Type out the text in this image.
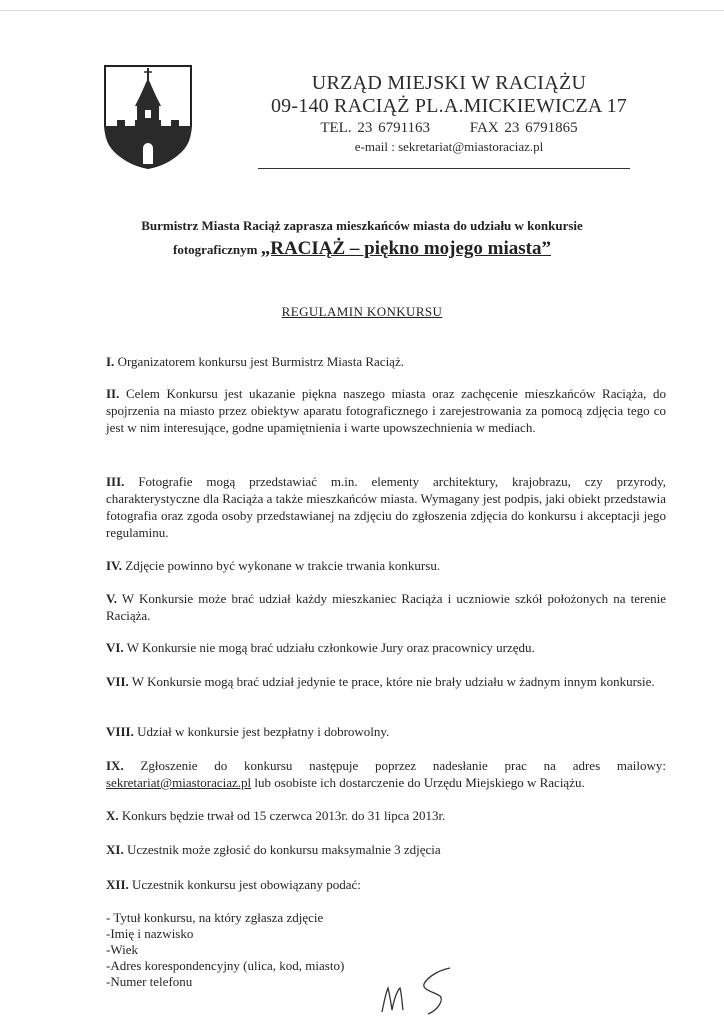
URZĄD MIEJSKI W RACIĄŻU
09-140 RACIĄŻ PL.A.MICKIEWICZA 17
TEL. 23 6791163	FAX 23 6791865
e-mail : sekretariat@miastoraciaz.pl
Burmistrz Miasta Raciąż zaprasza mieszkańców miasta do udziału w konkursie
fotograficznym „RACIĄŻ – piękno mojego miasta”
REGULAMIN KONKURSU
I. Organizatorem konkursu jest Burmistrz Miasta Raciąż.
II. Celem Konkursu jest ukazanie piękna naszego miasta oraz zachęcenie mieszkańców Raciąża, do spojrzenia na miasto przez obiektyw aparatu fotograficznego i zarejestrowania za pomocą zdjęcia tego co jest w nim interesujące, godne upamiętnienia i warte upowszechnienia w mediach.
III. Fotografie mogą przedstawiać m.in. elementy architektury, krajobrazu, czy przyrody, charakterystyczne dla Raciąża a także mieszkańców miasta. Wymagany jest podpis, jaki obiekt przedstawia fotografia oraz zgoda osoby przedstawianej na zdjęciu do zgłoszenia zdjęcia do konkursu i akceptacji jego regulaminu.
IV. Zdjęcie powinno być wykonane w trakcie trwania konkursu.
V. W Konkursie może brać udział każdy mieszkaniec Raciąża i uczniowie szkół położonych na terenie Raciąża.
VI. W Konkursie nie mogą brać udziału członkowie Jury oraz pracownicy urzędu.
VII. W Konkursie mogą brać udział jedynie te prace, które nie brały udziału w żadnym innym konkursie.
VIII. Udział w konkursie jest bezpłatny i dobrowolny.
IX. Zgłoszenie do konkursu następuje poprzez nadesłanie prac na adres mailowy: sekretariat@miastoraciaz.pl lub osobiste ich dostarczenie do Urzędu Miejskiego w Raciążu.
X. Konkurs będzie trwał od 15 czerwca 2013r. do 31 lipca 2013r.
XI. Uczestnik może zgłosić do konkursu maksymalnie 3 zdjęcia
XII. Uczestnik konkursu jest obowiązany podać:
- Tytuł konkursu, na który zgłasza zdjęcie
-Imię i nazwisko
-Wiek
-Adres korespondencyjny (ulica, kod, miasto)
-Numer telefonu
